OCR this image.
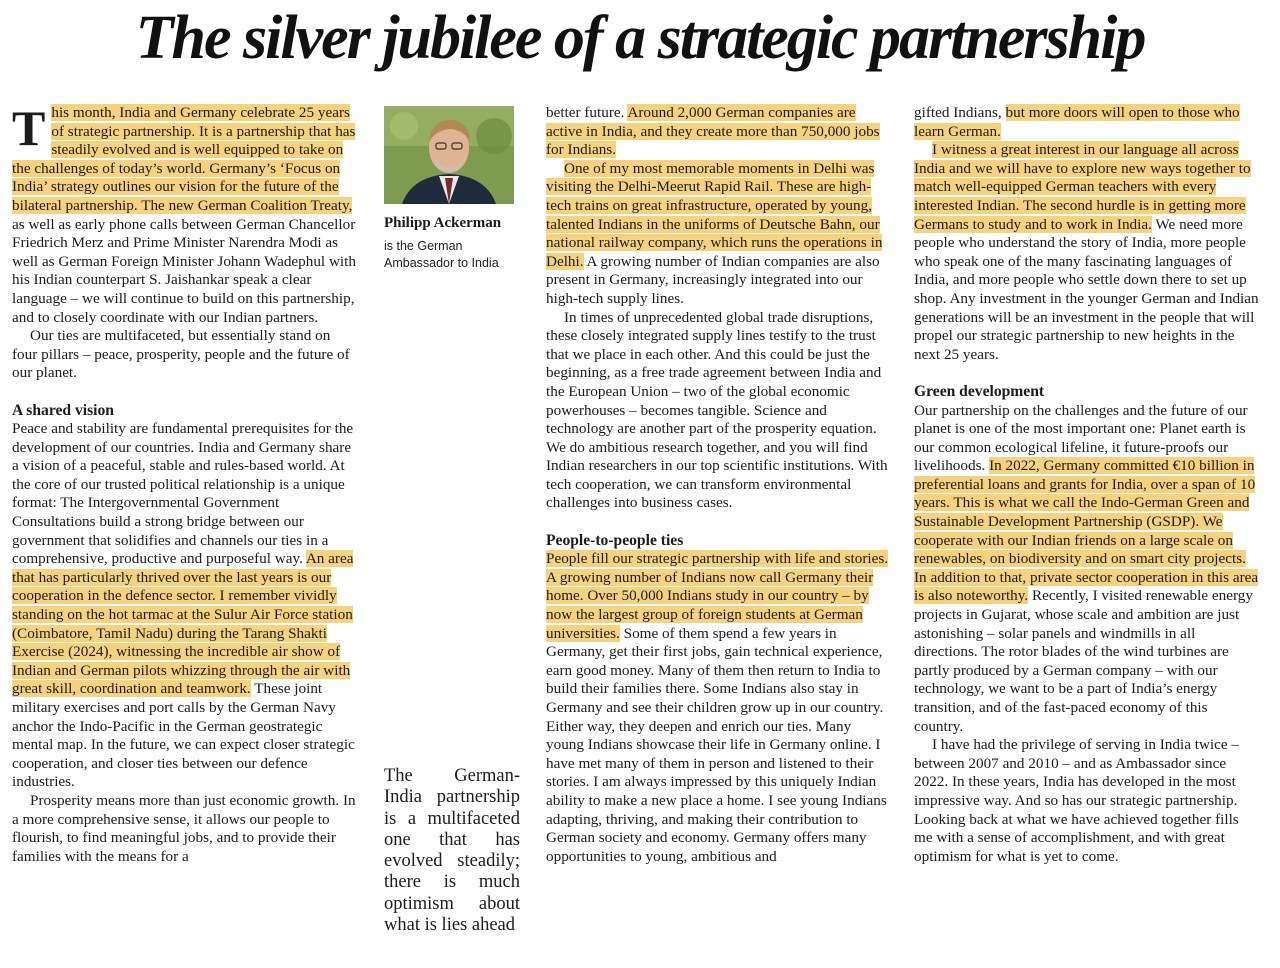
The silver jubilee of a strategic partnership

This month, India and Germany celebrate 25 years of strategic partnership. It is a partnership that has steadily evolved and is well equipped to take on the challenges of today’s world. Germany’s ‘Focus on India’ strategy outlines our vision for the future of the bilateral partnership. The new German Coalition Treaty, as well as early phone calls between German Chancellor Friedrich Merz and Prime Minister Narendra Modi as well as German Foreign Minister Johann Wadephul with his Indian counterpart S. Jaishankar speak a clear language – we will continue to build on this partnership, and to closely coordinate with our Indian partners.

Our ties are multifaceted, but essentially stand on four pillars – peace, prosperity, people and the future of our planet.

A shared vision

Peace and stability are fundamental prerequisites for the development of our countries. India and Germany share a vision of a peaceful, stable and rules-based world. At the core of our trusted political relationship is a unique format: The Intergovernmental Government Consultations build a strong bridge between our government that solidifies and channels our ties in a comprehensive, productive and purposeful way. An area that has particularly thrived over the last years is our cooperation in the defence sector. I remember vividly standing on the hot tarmac at the Sulur Air Force station (Coimbatore, Tamil Nadu) during the Tarang Shakti Exercise (2024), witnessing the incredible air show of Indian and German pilots whizzing through the air with great skill, coordination and teamwork. These joint military exercises and port calls by the German Navy anchor the Indo-Pacific in the German geostrategic mental map. In the future, we can expect closer strategic cooperation, and closer ties between our defence industries.

Prosperity means more than just economic growth. In a more comprehensive sense, it allows our people to flourish, to find meaningful jobs, and to provide their families with the means for a

Philipp Ackerman
is the German Ambassador to India
The German-India partnership is a multifaceted one that has evolved steadily; there is much optimism about what is lies ahead

better future. Around 2,000 German companies are active in India, and they create more than 750,000 jobs for Indians.

One of my most memorable moments in Delhi was visiting the Delhi-Meerut Rapid Rail. These are high-tech trains on great infrastructure, operated by young, talented Indians in the uniforms of Deutsche Bahn, our national railway company, which runs the operations in Delhi. A growing number of Indian companies are also present in Germany, increasingly integrated into our high-tech supply lines.

In times of unprecedented global trade disruptions, these closely integrated supply lines testify to the trust that we place in each other. And this could be just the beginning, as a free trade agreement between India and the European Union – two of the global economic powerhouses – becomes tangible. Science and technology are another part of the prosperity equation. We do ambitious research together, and you will find Indian researchers in our top scientific institutions. With tech cooperation, we can transform environmental challenges into business cases.

People-to-people ties

People fill our strategic partnership with life and stories. A growing number of Indians now call Germany their home. Over 50,000 Indians study in our country – by now the largest group of foreign students at German universities. Some of them spend a few years in Germany, get their first jobs, gain technical experience, earn good money. Many of them then return to India to build their families there. Some Indians also stay in Germany and see their children grow up in our country. Either way, they deepen and enrich our ties. Many young Indians showcase their life in Germany online. I have met many of them in person and listened to their stories. I am always impressed by this uniquely Indian ability to make a new place a home. I see young Indians adapting, thriving, and making their contribution to German society and economy. Germany offers many opportunities to young, ambitious and

gifted Indians, but more doors will open to those who learn German.

I witness a great interest in our language all across India and we will have to explore new ways together to match well-equipped German teachers with every interested Indian. The second hurdle is in getting more Germans to study and to work in India. We need more people who understand the story of India, more people who speak one of the many fascinating languages of India, and more people who settle down there to set up shop. Any investment in the younger German and Indian generations will be an investment in the people that will propel our strategic partnership to new heights in the next 25 years.

Green development

Our partnership on the challenges and the future of our planet is one of the most important one: Planet earth is our common ecological lifeline, it future-proofs our livelihoods. In 2022, Germany committed €10 billion in preferential loans and grants for India, over a span of 10 years. This is what we call the Indo-German Green and Sustainable Development Partnership (GSDP). We cooperate with our Indian friends on a large scale on renewables, on biodiversity and on smart city projects. In addition to that, private sector cooperation in this area is also noteworthy. Recently, I visited renewable energy projects in Gujarat, whose scale and ambition are just astonishing – solar panels and windmills in all directions. The rotor blades of the wind turbines are partly produced by a German company – with our technology, we want to be a part of India’s energy transition, and of the fast-paced economy of this country.

I have had the privilege of serving in India twice – between 2007 and 2010 – and as Ambassador since 2022. In these years, India has developed in the most impressive way. And so has our strategic partnership. Looking back at what we have achieved together fills me with a sense of accomplishment, and with great optimism for what is yet to come.
